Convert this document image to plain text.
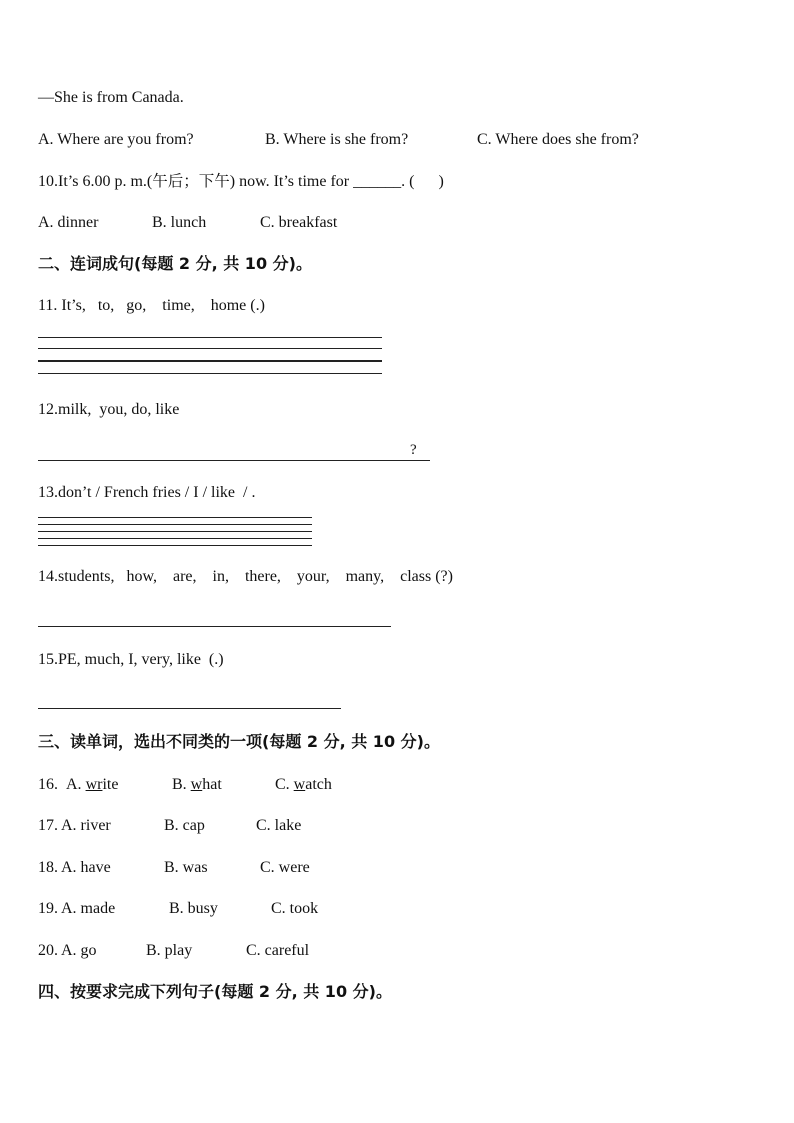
—She is from Canada.
A. Where are you from?	B. Where is she from?	C. Where does she from?
10.It’s 6.00 p. m.(午后；下午) now. It’s time for ______. (      )
A. dinner	B. lunch	C. breakfast
二、连词成句(每题 2 分, 共 10 分)。
11. It’s,   to,   go,    time,    home (.)
12.milk,  you, do, like
?
13.don’t / French fries / I / like  / .
14.students,   how,    are,    in,    there,    your,    many,    class (?)
15.PE, much, I, very, like  (.)
三、读单词，选出不同类的一项(每题 2 分, 共 10 分)。
16. A. write	B. what	C. watch
17. A. river	B. cap	C. lake
18. A. have	B. was	C. were
19. A. made	B. busy	C. took
20. A. go	B. play	C. careful
四、按要求完成下列句子(每题 2 分, 共 10 分)。
